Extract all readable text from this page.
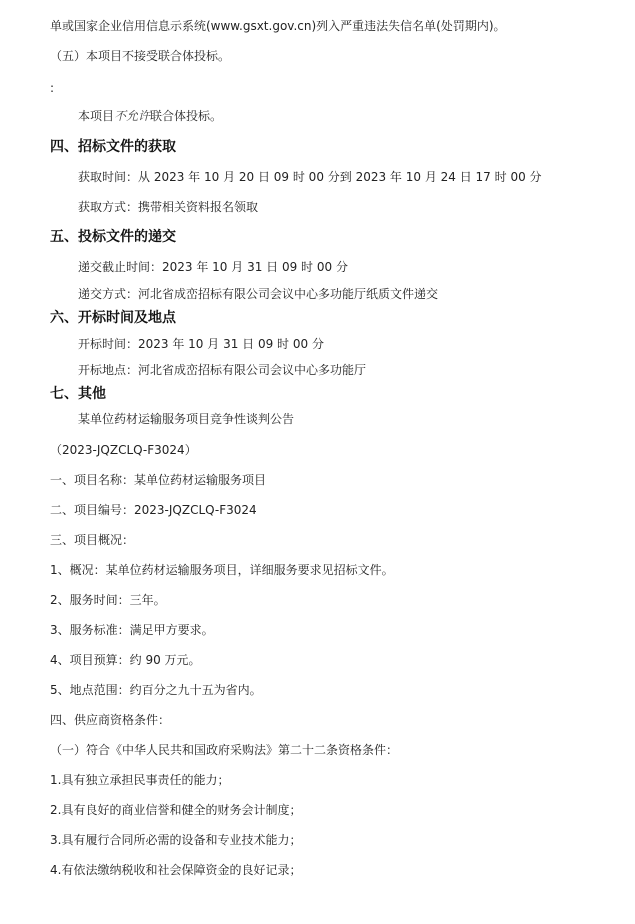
单或国家企业信用信息示系统(www.gsxt.gov.cn)列入严重违法失信名单(处罚期内)。
（五）本项目不接受联合体投标。
:
本项目不允许联合体投标。
四、招标文件的获取
获取时间：从 2023 年 10 月 20 日 09 时 00 分到 2023 年 10 月 24 日 17 时 00 分
获取方式：携带相关资料报名领取
五、投标文件的递交
递交截止时间：2023 年 10 月 31 日 09 时 00 分
递交方式：河北省成峦招标有限公司会议中心多功能厅纸质文件递交
六、开标时间及地点
开标时间：2023 年 10 月 31 日 09 时 00 分
开标地点：河北省成峦招标有限公司会议中心多功能厅
七、其他
某单位药材运输服务项目竞争性谈判公告
（2023-JQZCLQ-F3024）
一、项目名称：某单位药材运输服务项目
二、项目编号：2023-JQZCLQ-F3024
三、项目概况：
1、概况：某单位药材运输服务项目，详细服务要求见招标文件。
2、服务时间：三年。
3、服务标准：满足甲方要求。
4、项目预算：约 90 万元。
5、地点范围：约百分之九十五为省内。
四、供应商资格条件：
（一）符合《中华人民共和国政府采购法》第二十二条资格条件：
1.具有独立承担民事责任的能力；
2.具有良好的商业信誉和健全的财务会计制度；
3.具有履行合同所必需的设备和专业技术能力；
4.有依法缴纳税收和社会保障资金的良好记录；
